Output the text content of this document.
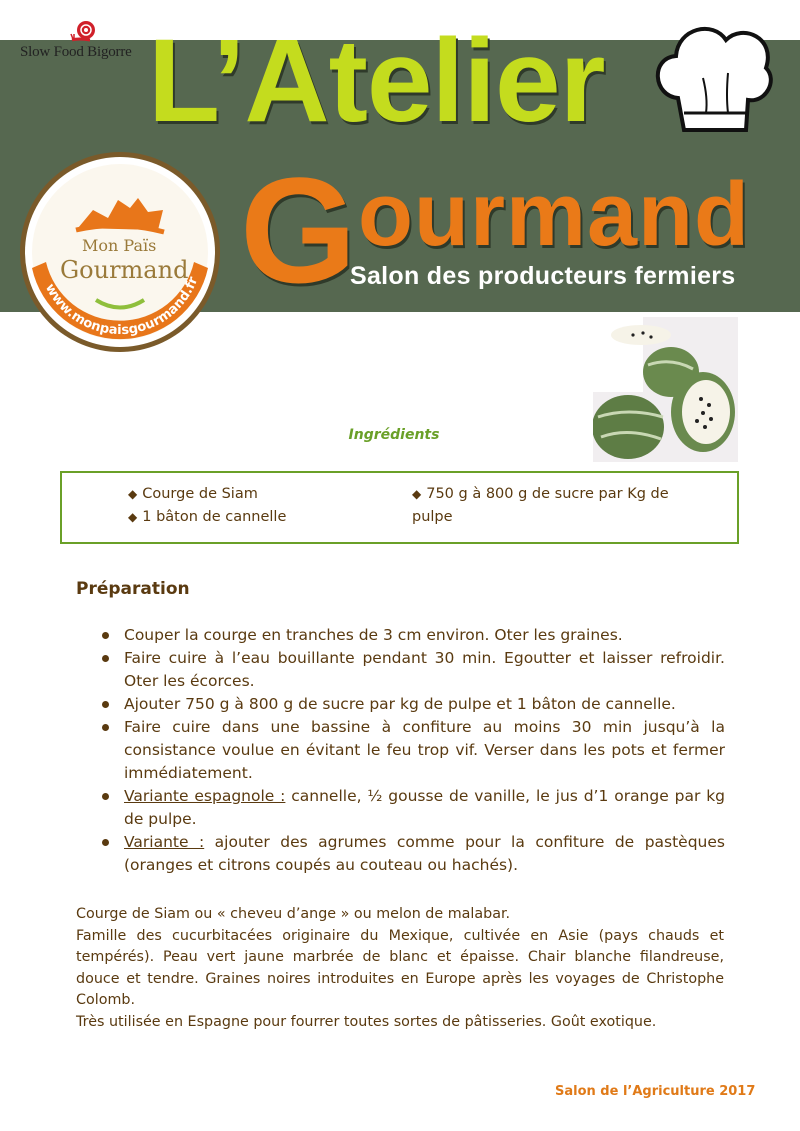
Slow Food Bigorre L’Atelier
G ourmand
Salon des producteurs fermiers
www.monpaisgourmand.fr
Mon Païs
Gourmand
Ingrédients
◆ Courge de Siam
◆ 1 bâton de cannelle
◆ 750 g à 800 g de sucre par Kg de pulpe
Préparation
Couper la courge en tranches de 3 cm environ. Oter les graines.
Faire cuire à l’eau bouillante pendant 30 min. Egoutter et laisser refroidir. Oter les écorces.
Ajouter 750 g à 800 g de sucre par kg de pulpe et 1 bâton de cannelle.
Faire cuire dans une bassine à confiture au moins 30 min jusqu’à la consistance voulue en évitant le feu trop vif. Verser dans les pots et fermer immédiatement.
Variante espagnole : cannelle, ½ gousse de vanille, le jus d’1 orange par kg de pulpe.
Variante : ajouter des agrumes comme pour la confiture de pastèques (oranges et citrons coupés au couteau ou hachés).
Courge de Siam ou « cheveu d’ange » ou melon de malabar.
Famille des cucurbitacées originaire du Mexique, cultivée en Asie (pays chauds et tempérés). Peau vert jaune marbrée de blanc et épaisse. Chair blanche filandreuse, douce et tendre. Graines noires introduites en Europe après les voyages de Christophe Colomb.
Très utilisée en Espagne pour fourrer toutes sortes de pâtisseries. Goût exotique.
Salon de l’Agriculture 2017
